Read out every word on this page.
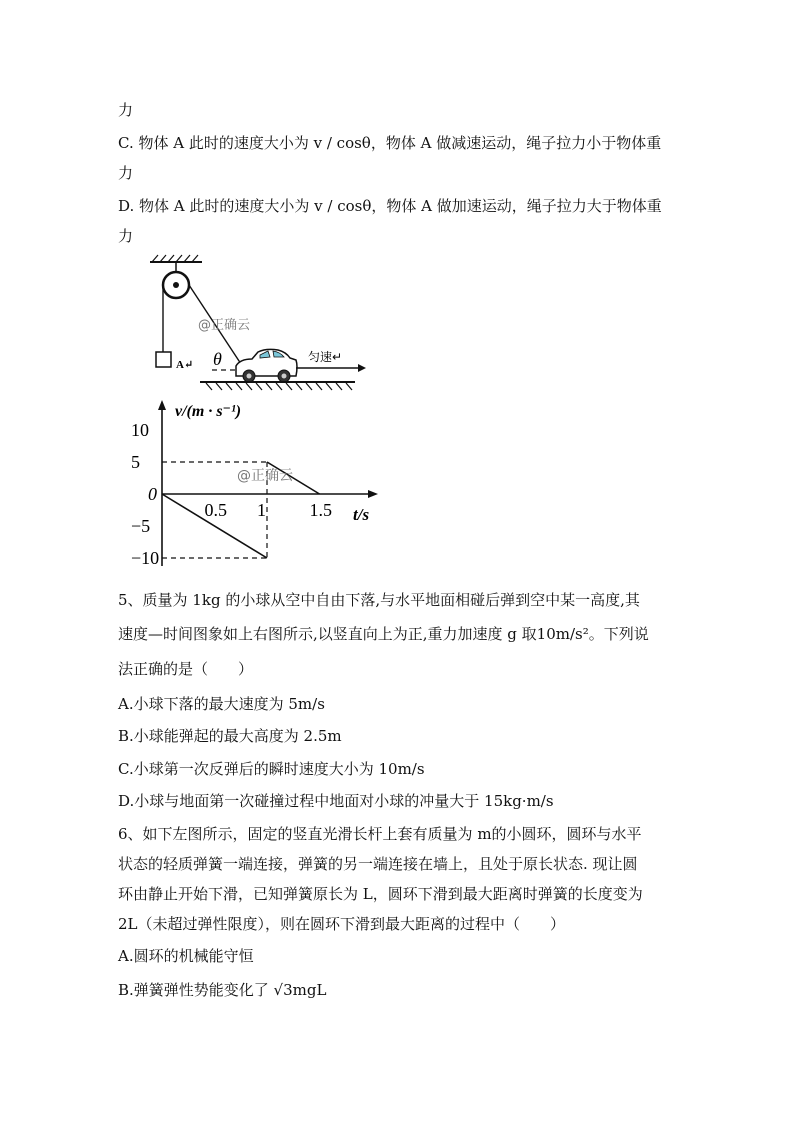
力
C. 物体 A 此时的速度大小为 v / cosθ，物体 A 做减速运动，绳子拉力小于物体重
力
D. 物体 A 此时的速度大小为 v / cosθ，物体 A 做加速运动，绳子拉力大于物体重
力
A↵ θ	匀速↵
@正确云
v/(m · s⁻¹)
t/s
0
10
5
−5
−10
0.5 1 1.5
@正确云
5、质量为 1kg 的小球从空中自由下落,与水平地面相碰后弹到空中某一高度,其
速度—时间图象如上右图所示,以竖直向上为正,重力加速度 g 取10m/s²。下列说
法正确的是（　　）
A.小球下落的最大速度为 5m/s
B.小球能弹起的最大高度为 2.5m
C.小球第一次反弹后的瞬时速度大小为 10m/s
D.小球与地面第一次碰撞过程中地面对小球的冲量大于 15kg·m/s
6、如下左图所示，固定的竖直光滑长杆上套有质量为 m的小圆环，圆环与水平
状态的轻质弹簧一端连接，弹簧的另一端连接在墙上，且处于原长状态. 现让圆
环由静止开始下滑，已知弹簧原长为 L，圆环下滑到最大距离时弹簧的长度变为
2L（未超过弹性限度），则在圆环下滑到最大距离的过程中（　　）
A.圆环的机械能守恒
B.弹簧弹性势能变化了 √3mgL
